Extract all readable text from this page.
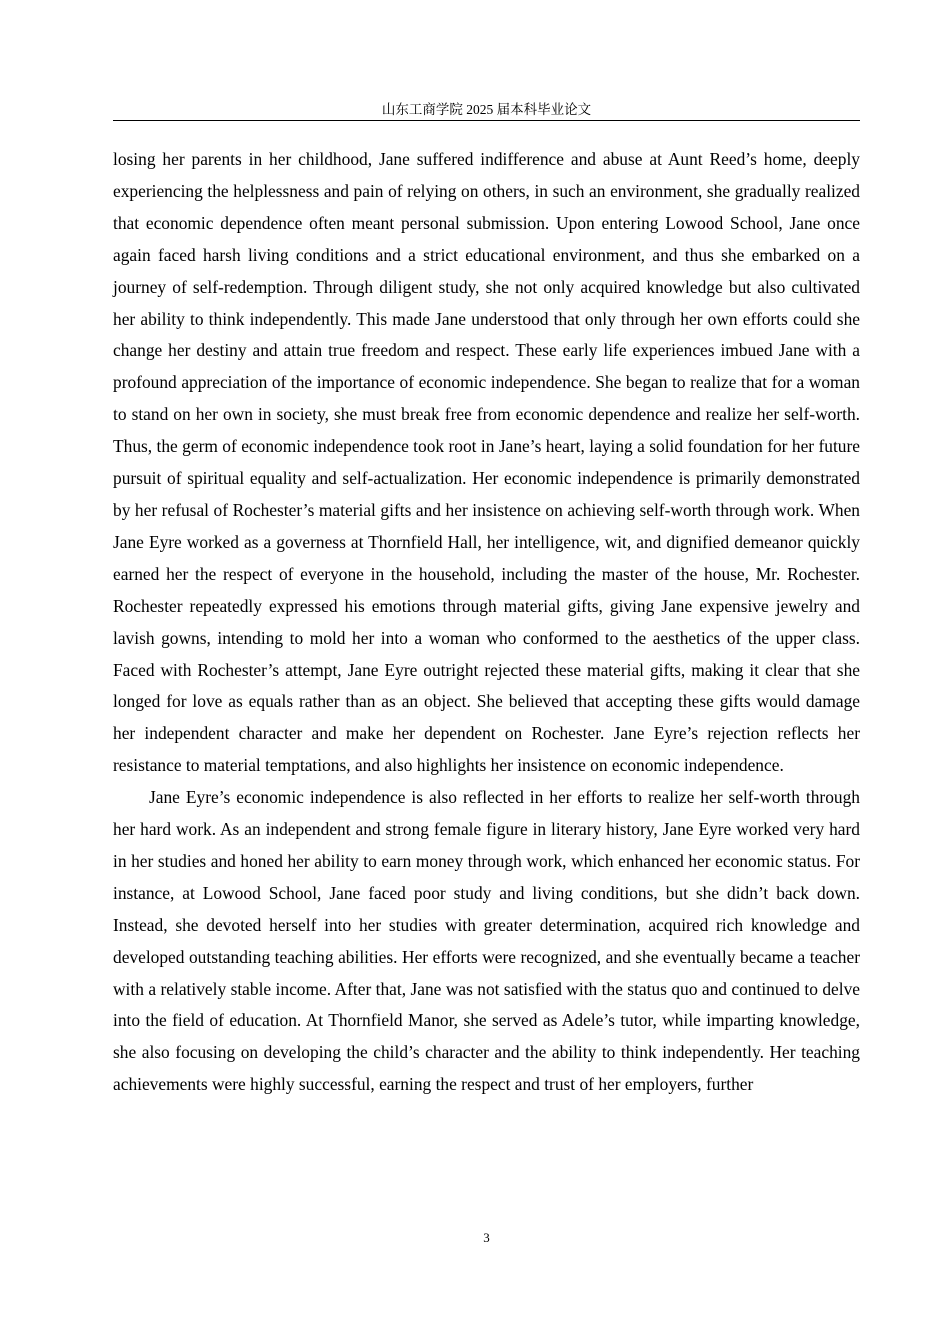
山东工商学院 2025 届本科毕业论文

losing her parents in her childhood, Jane suffered indifference and abuse at Aunt Reed’s home, deeply experiencing the helplessness and pain of relying on others, in such an environment, she gradually realized that economic dependence often meant personal submission. Upon entering Lowood School, Jane once again faced harsh living conditions and a strict educational environment, and thus she embarked on a journey of self-redemption. Through diligent study, she not only acquired knowledge but also cultivated her ability to think independently. This made Jane understood that only through her own efforts could she change her destiny and attain true freedom and respect. These early life experiences imbued Jane with a profound appreciation of the importance of economic independence. She began to realize that for a woman to stand on her own in society, she must break free from economic dependence and realize her self-worth. Thus, the germ of economic independence took root in Jane’s heart, laying a solid foundation for her future pursuit of spiritual equality and self-actualization. Her economic independence is primarily demonstrated by her refusal of Rochester’s material gifts and her insistence on achieving self-worth through work. When Jane Eyre worked as a governess at Thornfield Hall, her intelligence, wit, and dignified demeanor quickly earned her the respect of everyone in the household, including the master of the house, Mr. Rochester. Rochester repeatedly expressed his emotions through material gifts, giving Jane expensive jewelry and lavish gowns, intending to mold her into a woman who conformed to the aesthetics of the upper class. Faced with Rochester’s attempt, Jane Eyre outright rejected these material gifts, making it clear that she longed for love as equals rather than as an object. She believed that accepting these gifts would damage her independent character and make her dependent on Rochester. Jane Eyre’s rejection reflects her resistance to material temptations, and also highlights her insistence on economic independence.

Jane Eyre’s economic independence is also reflected in her efforts to realize her self-worth through her hard work. As an independent and strong female figure in literary history, Jane Eyre worked very hard in her studies and honed her ability to earn money through work, which enhanced her economic status. For instance, at Lowood School, Jane faced poor study and living conditions, but she didn’t back down. Instead, she devoted herself into her studies with greater determination, acquired rich knowledge and developed outstanding teaching abilities. Her efforts were recognized, and she eventually became a teacher with a relatively stable income. After that, Jane was not satisfied with the status quo and continued to delve into the field of education. At Thornfield Manor, she served as Adele’s tutor, while imparting knowledge, she also focusing on developing the child’s character and the ability to think independently. Her teaching achievements were highly successful, earning the respect and trust of her employers, further

3
